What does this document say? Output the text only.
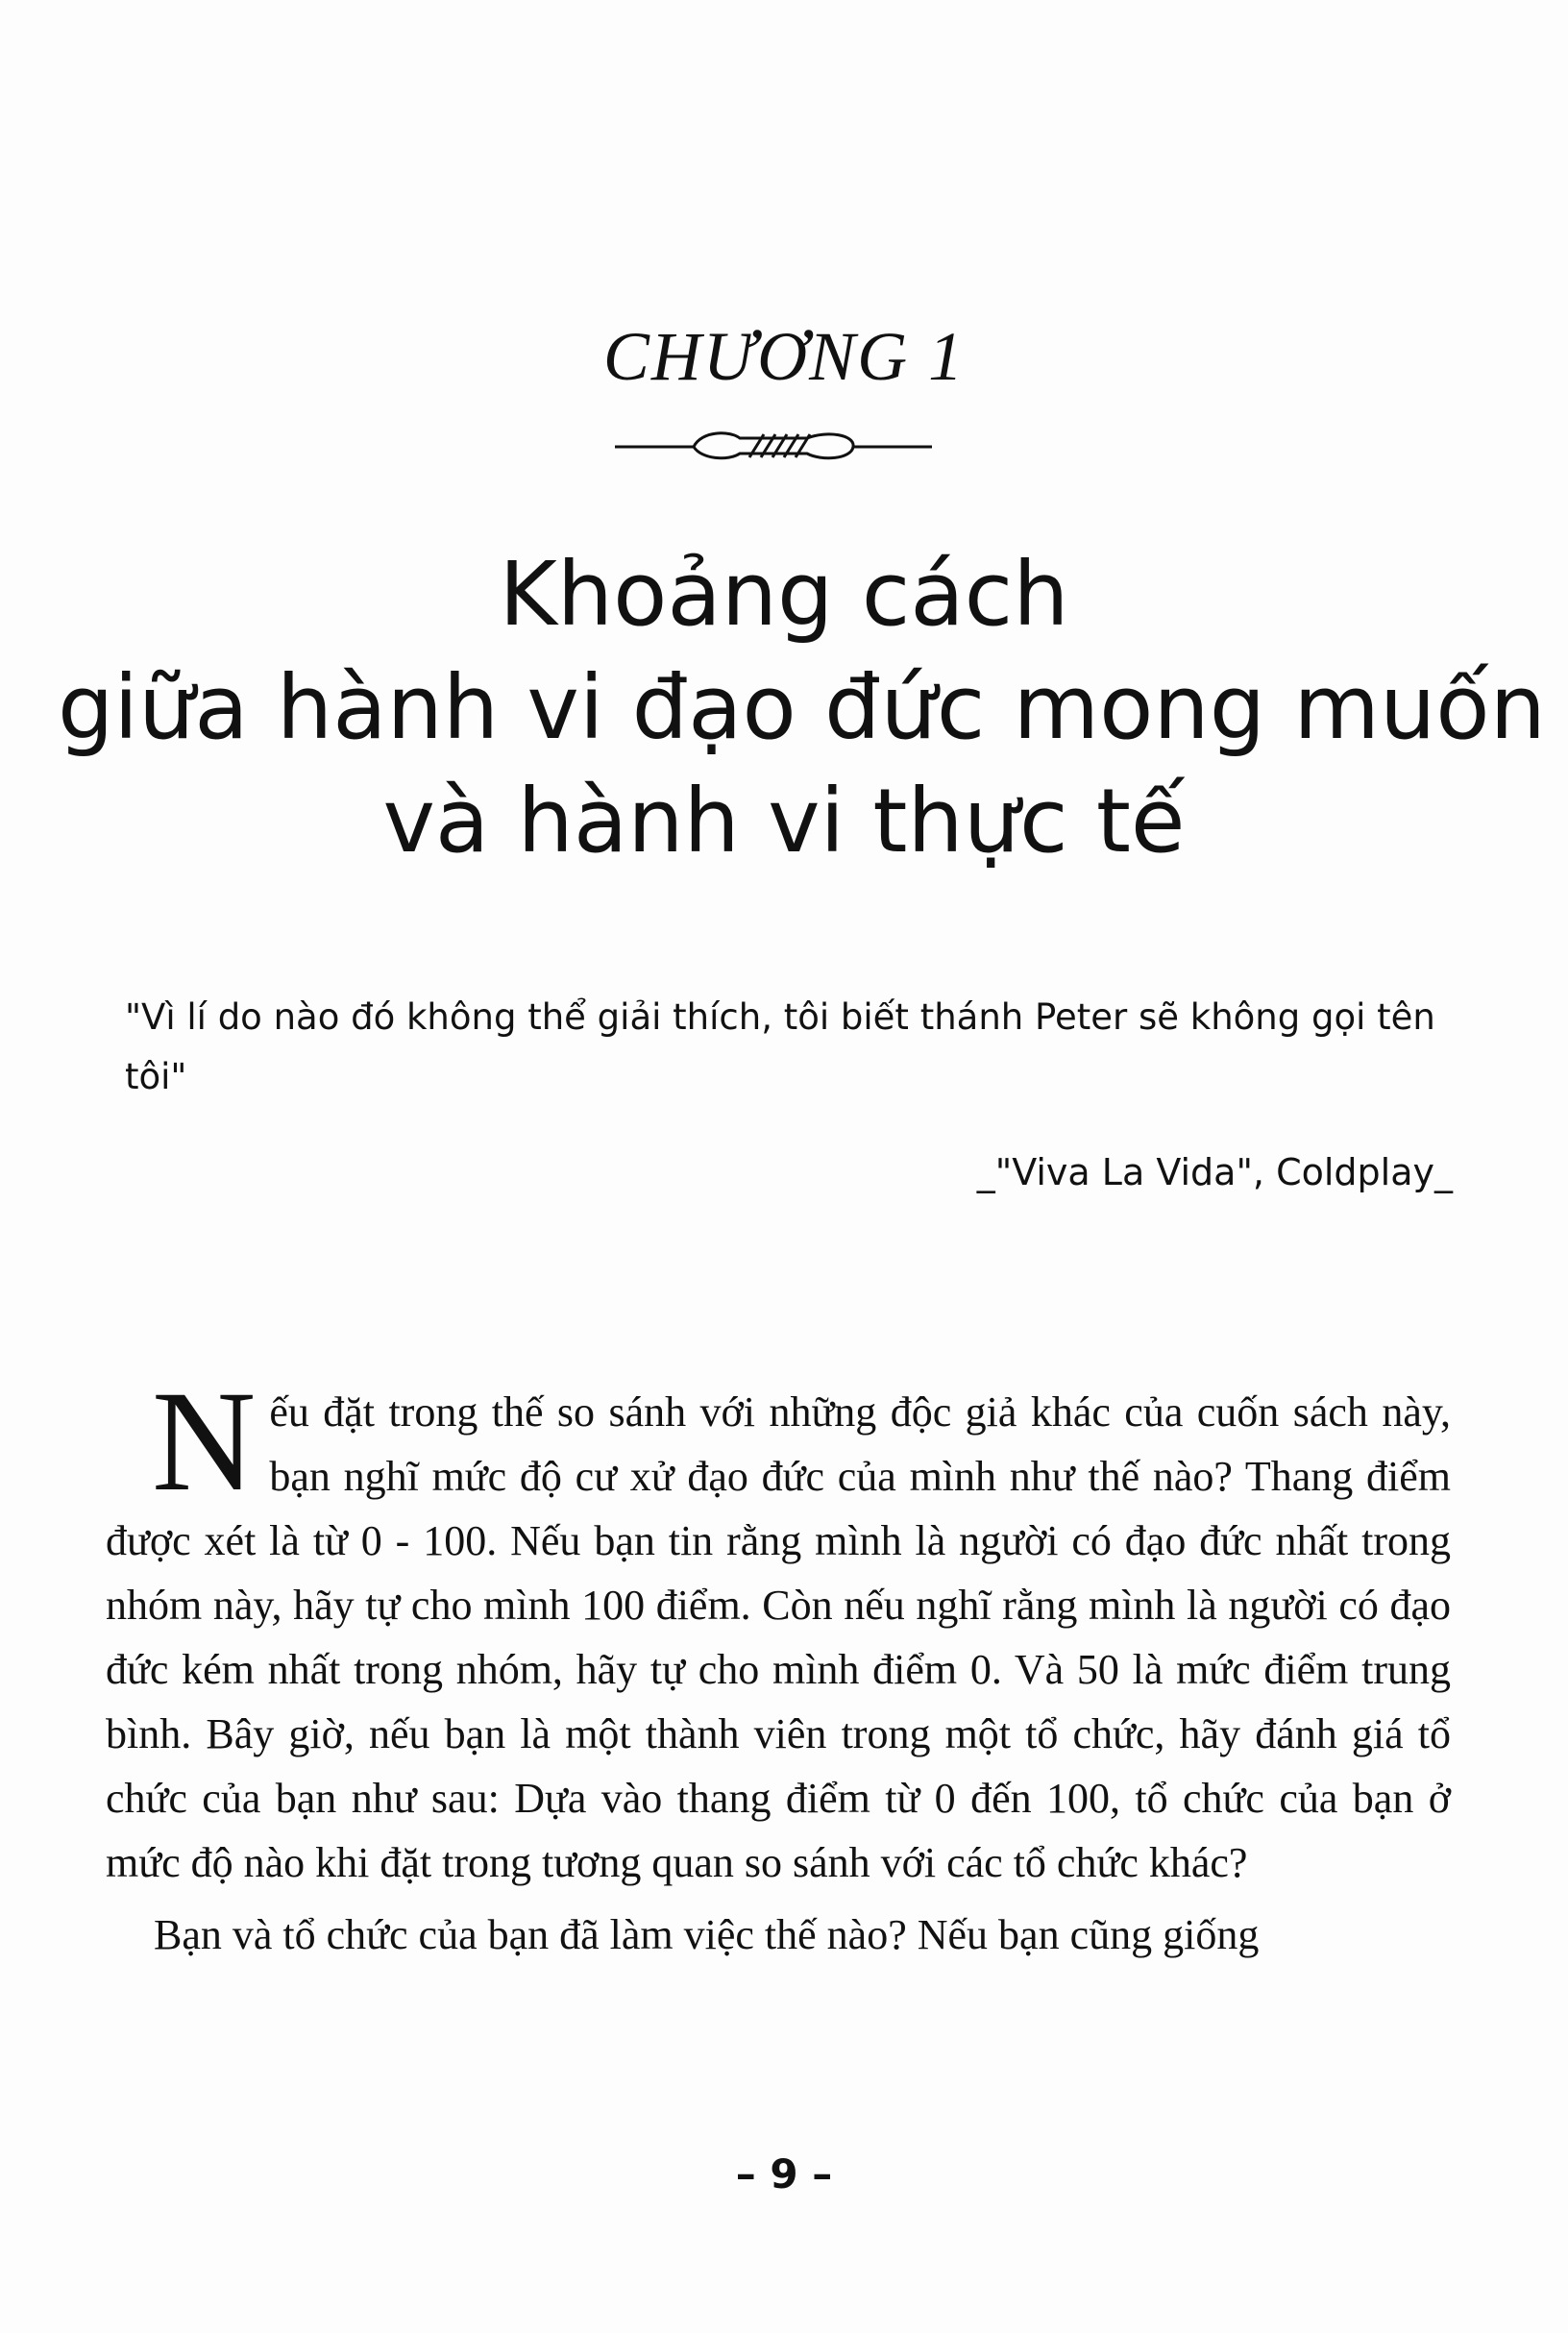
CHƯƠNG 1
Khoảng cách
giữa hành vi đạo đức mong muốn
và hành vi thực tế
"Vì lí do nào đó không thể giải thích, tôi biết thánh Peter sẽ không gọi tên tôi"
_"Viva La Vida", Coldplay_

Nếu đặt trong thế so sánh với những độc giả khác của cuốn sách này, bạn nghĩ mức độ cư xử đạo đức của mình như thế nào? Thang điểm được xét là từ 0 - 100. Nếu bạn tin rằng mình là người có đạo đức nhất trong nhóm này, hãy tự cho mình 100 điểm. Còn nếu nghĩ rằng mình là người có đạo đức kém nhất trong nhóm, hãy tự cho mình điểm 0. Và 50 là mức điểm trung bình. Bây giờ, nếu bạn là một thành viên trong một tổ chức, hãy đánh giá tổ chức của bạn như sau: Dựa vào thang điểm từ 0 đến 100, tổ chức của bạn ở mức độ nào khi đặt trong tương quan so sánh với các tổ chức khác?

Bạn và tổ chức của bạn đã làm việc thế nào? Nếu bạn cũng giống

– 9 –
